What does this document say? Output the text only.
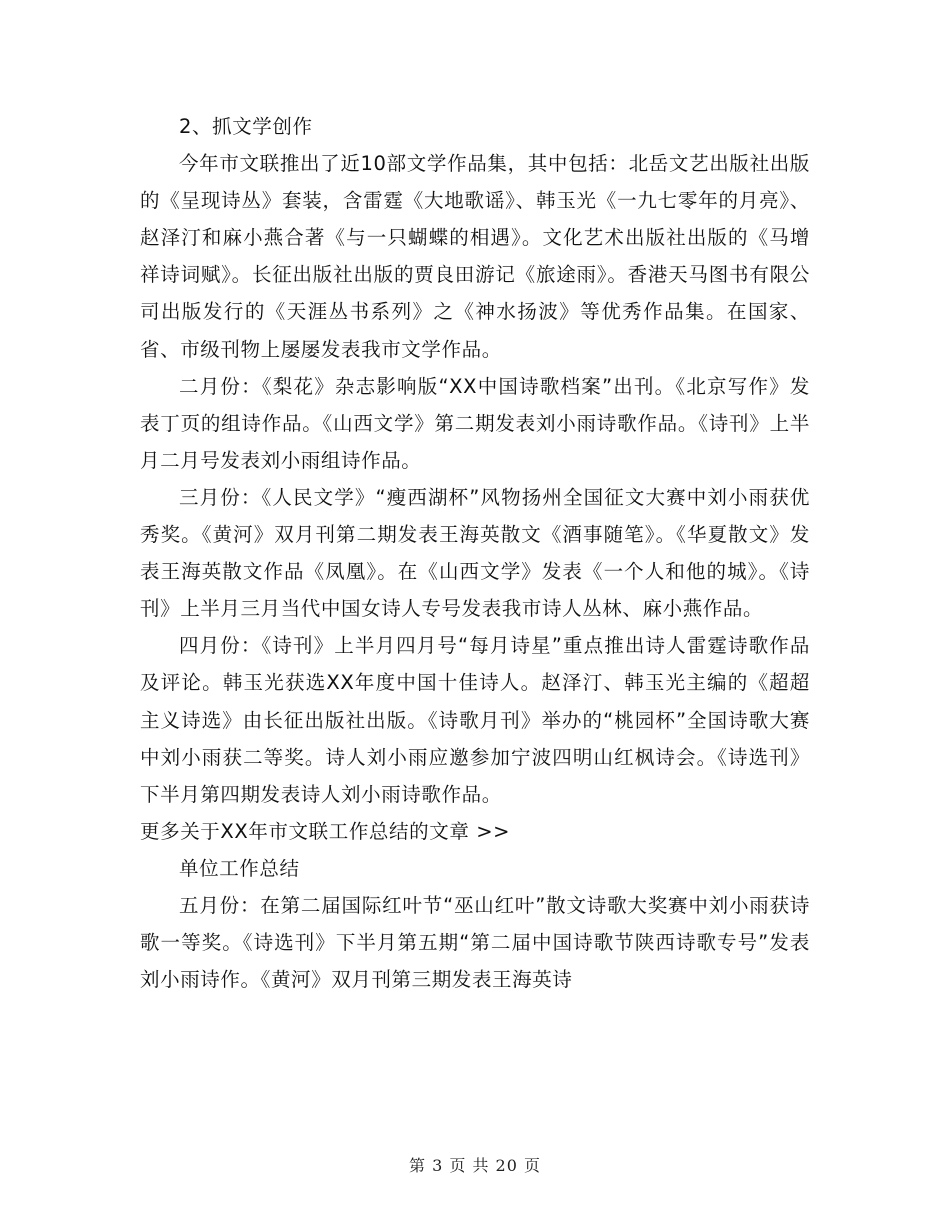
2、抓文学创作

今年市文联推出了近10部文学作品集，其中包括：北岳文艺出版社出版的《呈现诗丛》套装，含雷霆《大地歌谣》、韩玉光《一九七零年的月亮》、赵泽汀和麻小燕合著《与一只蝴蝶的相遇》。文化艺术出版社出版的《马增祥诗词赋》。长征出版社出版的贾良田游记《旅途雨》。香港天马图书有限公司出版发行的《天涯丛书系列》之《神水扬波》等优秀作品集。在国家、省、市级刊物上屡屡发表我市文学作品。

二月份：《梨花》杂志影响版“XX中国诗歌档案”出刊。《北京写作》发表丁页的组诗作品。《山西文学》第二期发表刘小雨诗歌作品。《诗刊》上半月二月号发表刘小雨组诗作品。

三月份：《人民文学》“瘦西湖杯”风物扬州全国征文大赛中刘小雨获优秀奖。《黄河》双月刊第二期发表王海英散文《酒事随笔》。《华夏散文》发表王海英散文作品《凤凰》。在《山西文学》发表《一个人和他的城》。《诗刊》上半月三月当代中国女诗人专号发表我市诗人丛林、麻小燕作品。

四月份：《诗刊》上半月四月号“每月诗星”重点推出诗人雷霆诗歌作品及评论。韩玉光获选XX年度中国十佳诗人。赵泽汀、韩玉光主编的《超超主义诗选》由长征出版社出版。《诗歌月刊》举办的“桃园杯”全国诗歌大赛中刘小雨获二等奖。诗人刘小雨应邀参加宁波四明山红枫诗会。《诗选刊》下半月第四期发表诗人刘小雨诗歌作品。

更多关于XX年市文联工作总结的文章 >>

单位工作总结

五月份：在第二届国际红叶节“巫山红叶”散文诗歌大奖赛中刘小雨获诗歌一等奖。《诗选刊》下半月第五期“第二届中国诗歌节陕西诗歌专号”发表刘小雨诗作。《黄河》双月刊第三期发表王海英诗

第 3 页 共 20 页
